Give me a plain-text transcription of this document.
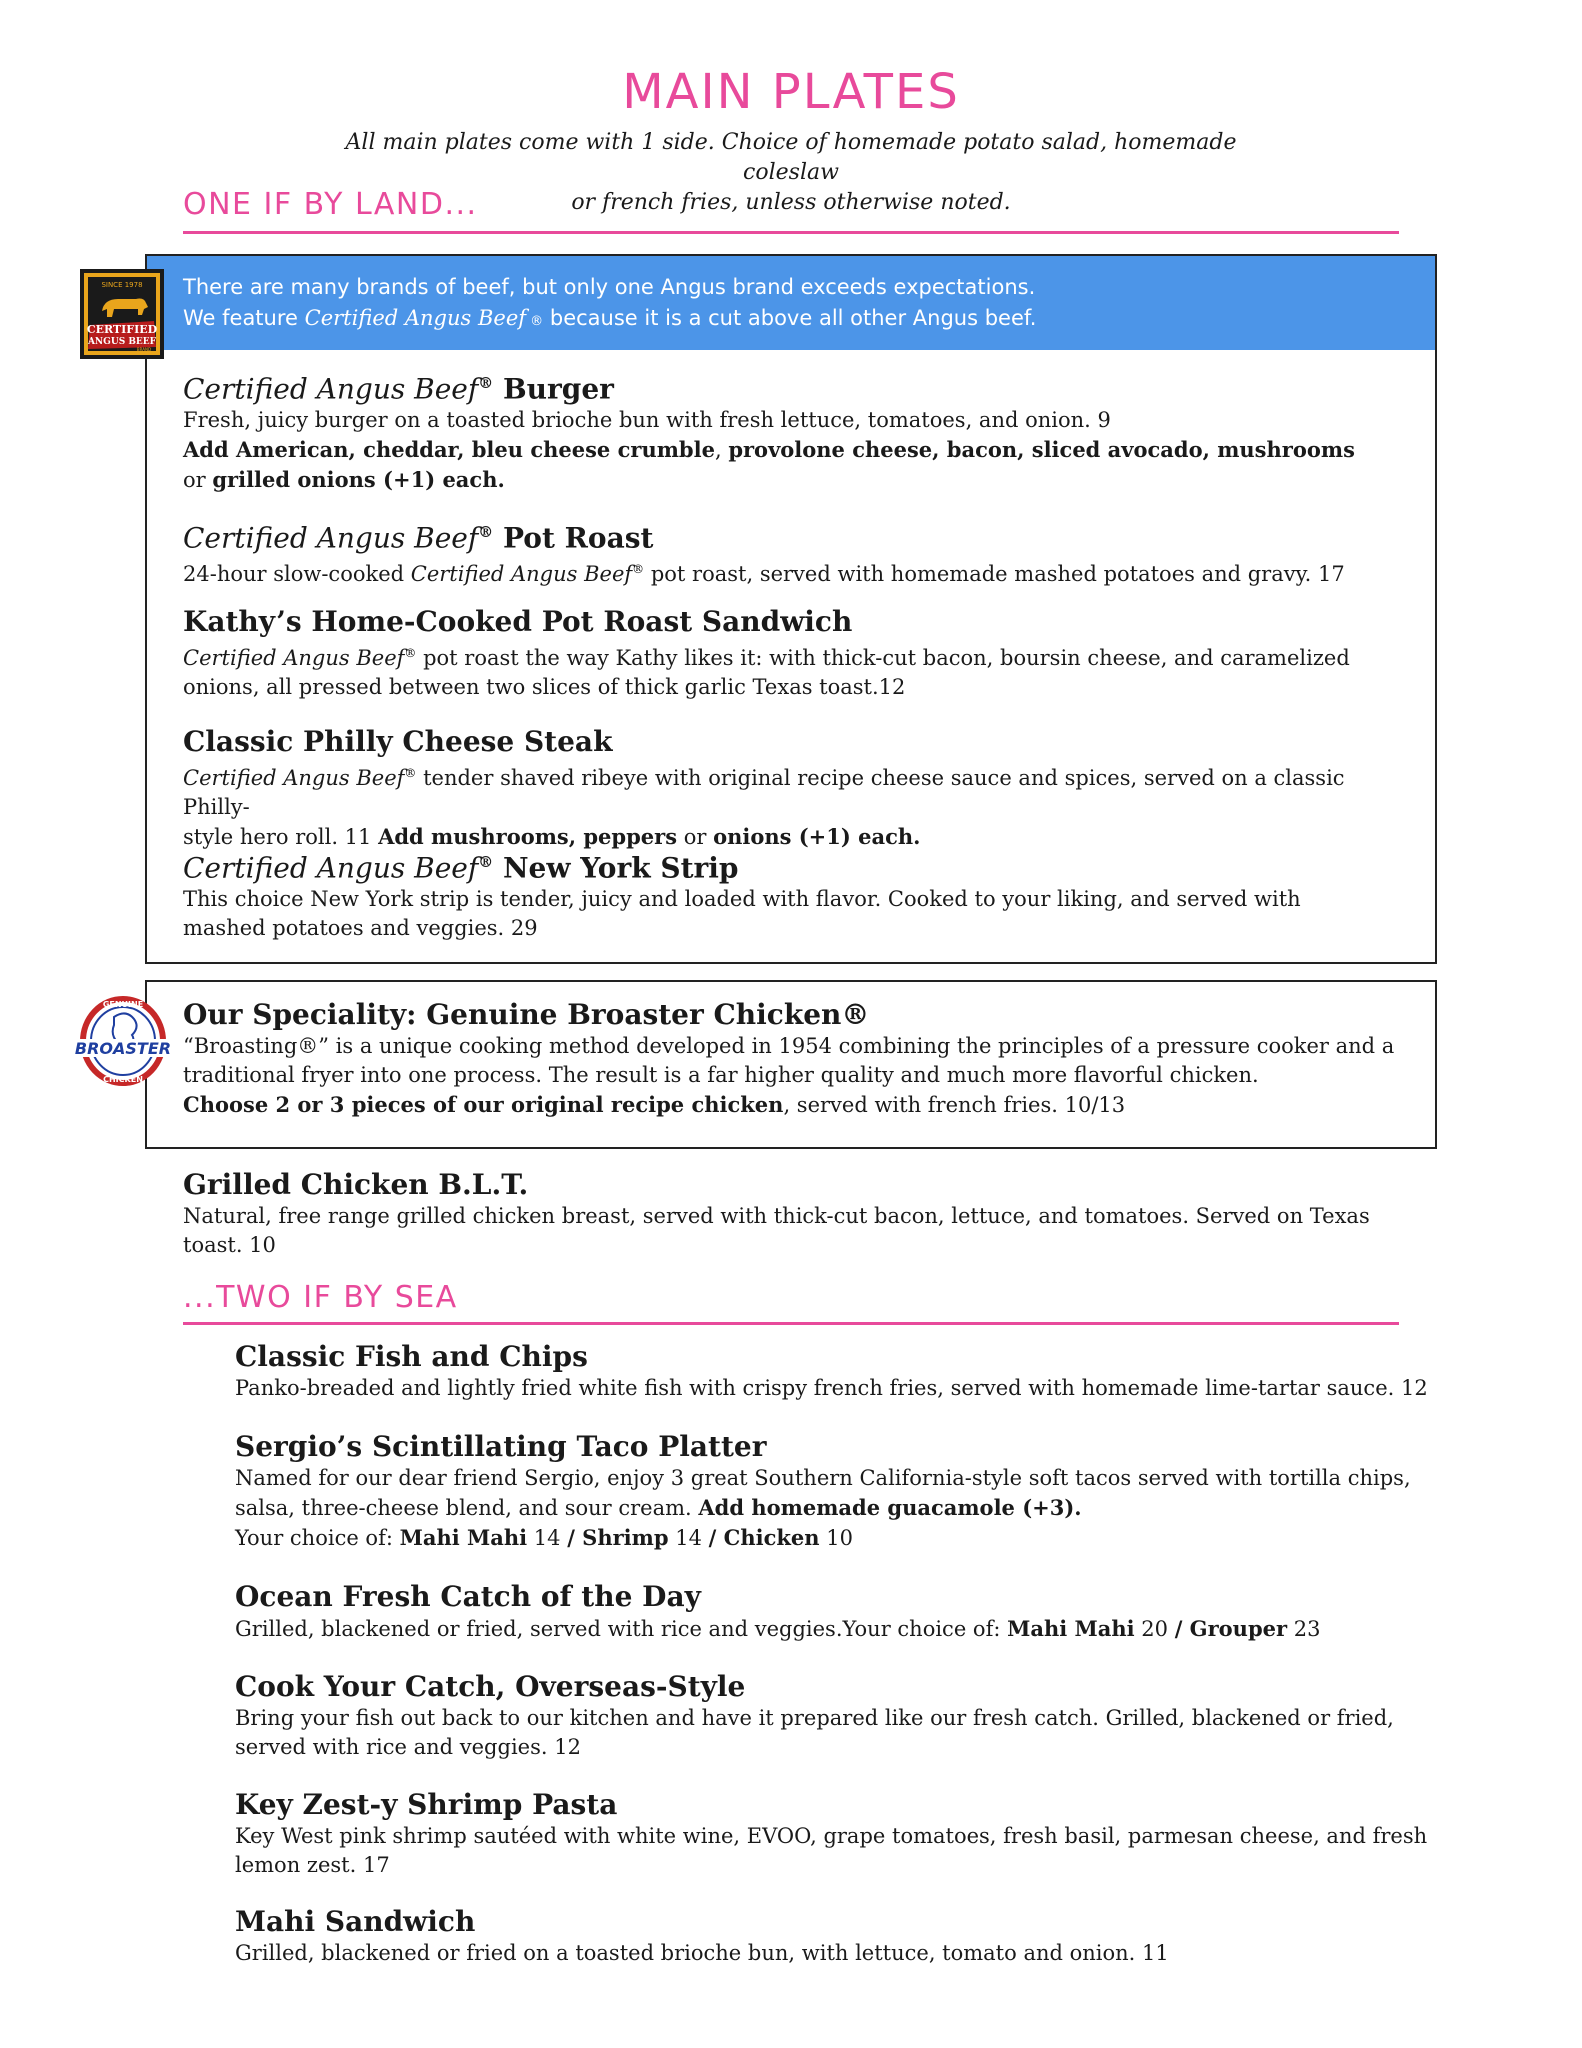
MAIN PLATES
All main plates come with 1 side. Choice of homemade potato salad, homemade coleslaw
or french fries, unless otherwise noted.
ONE IF BY LAND...
There are many brands of beef, but only one Angus brand exceeds expectations.
We feature Certified Angus Beef ® because it is a cut above all other Angus beef.
SINCE 1978
CERTIFIED
ANGUS BEEF
BRAND
Certified Angus Beef® Burger
Fresh, juicy burger on a toasted brioche bun with fresh lettuce, tomatoes, and onion. 9
Add American, cheddar, bleu cheese crumble, provolone cheese, bacon, sliced avocado, mushrooms
or grilled onions (+1) each.
Certified Angus Beef® Pot Roast
24-hour slow-cooked Certified Angus Beef® pot roast, served with homemade mashed potatoes and gravy. 17
Kathy’s Home-Cooked Pot Roast Sandwich
Certified Angus Beef® pot roast the way Kathy likes it: with thick-cut bacon, boursin cheese, and caramelized
onions, all pressed between two slices of thick garlic Texas toast.12
Classic Philly Cheese Steak
Certified Angus Beef® tender shaved ribeye with original recipe cheese sauce and spices, served on a classic Philly-
style hero roll. 11 Add mushrooms, peppers or onions (+1) each.
Certified Angus Beef® New York Strip
This choice New York strip is tender, juicy and loaded with flavor. Cooked to your liking, and served with
mashed potatoes and veggies. 29
GENUINE
BROASTER
CHICKEN
Our Speciality: Genuine Broaster Chicken®
“Broasting®” is a unique cooking method developed in 1954 combining the principles of a pressure cooker and a
traditional fryer into one process. The result is a far higher quality and much more flavorful chicken.
Choose 2 or 3 pieces of our original recipe chicken, served with french fries. 10/13
Grilled Chicken B.L.T.
Natural, free range grilled chicken breast, served with thick-cut bacon, lettuce, and tomatoes. Served on Texas
toast. 10
...TWO IF BY SEA
Classic Fish and Chips
Panko-breaded and lightly fried white fish with crispy french fries, served with homemade lime-tartar sauce. 12
Sergio’s Scintillating Taco Platter
Named for our dear friend Sergio, enjoy 3 great Southern California-style soft tacos served with tortilla chips,
salsa, three-cheese blend, and sour cream. Add homemade guacamole (+3).
Your choice of: Mahi Mahi 14 / Shrimp 14 / Chicken 10
Ocean Fresh Catch of the Day
Grilled, blackened or fried, served with rice and veggies.Your choice of: Mahi Mahi 20 / Grouper 23
Cook Your Catch, Overseas-Style
Bring your fish out back to our kitchen and have it prepared like our fresh catch. Grilled, blackened or fried,
served with rice and veggies. 12
Key Zest-y Shrimp Pasta
Key West pink shrimp sautéed with white wine, EVOO, grape tomatoes, fresh basil, parmesan cheese, and fresh
lemon zest. 17
Mahi Sandwich
Grilled, blackened or fried on a toasted brioche bun, with lettuce, tomato and onion. 11
